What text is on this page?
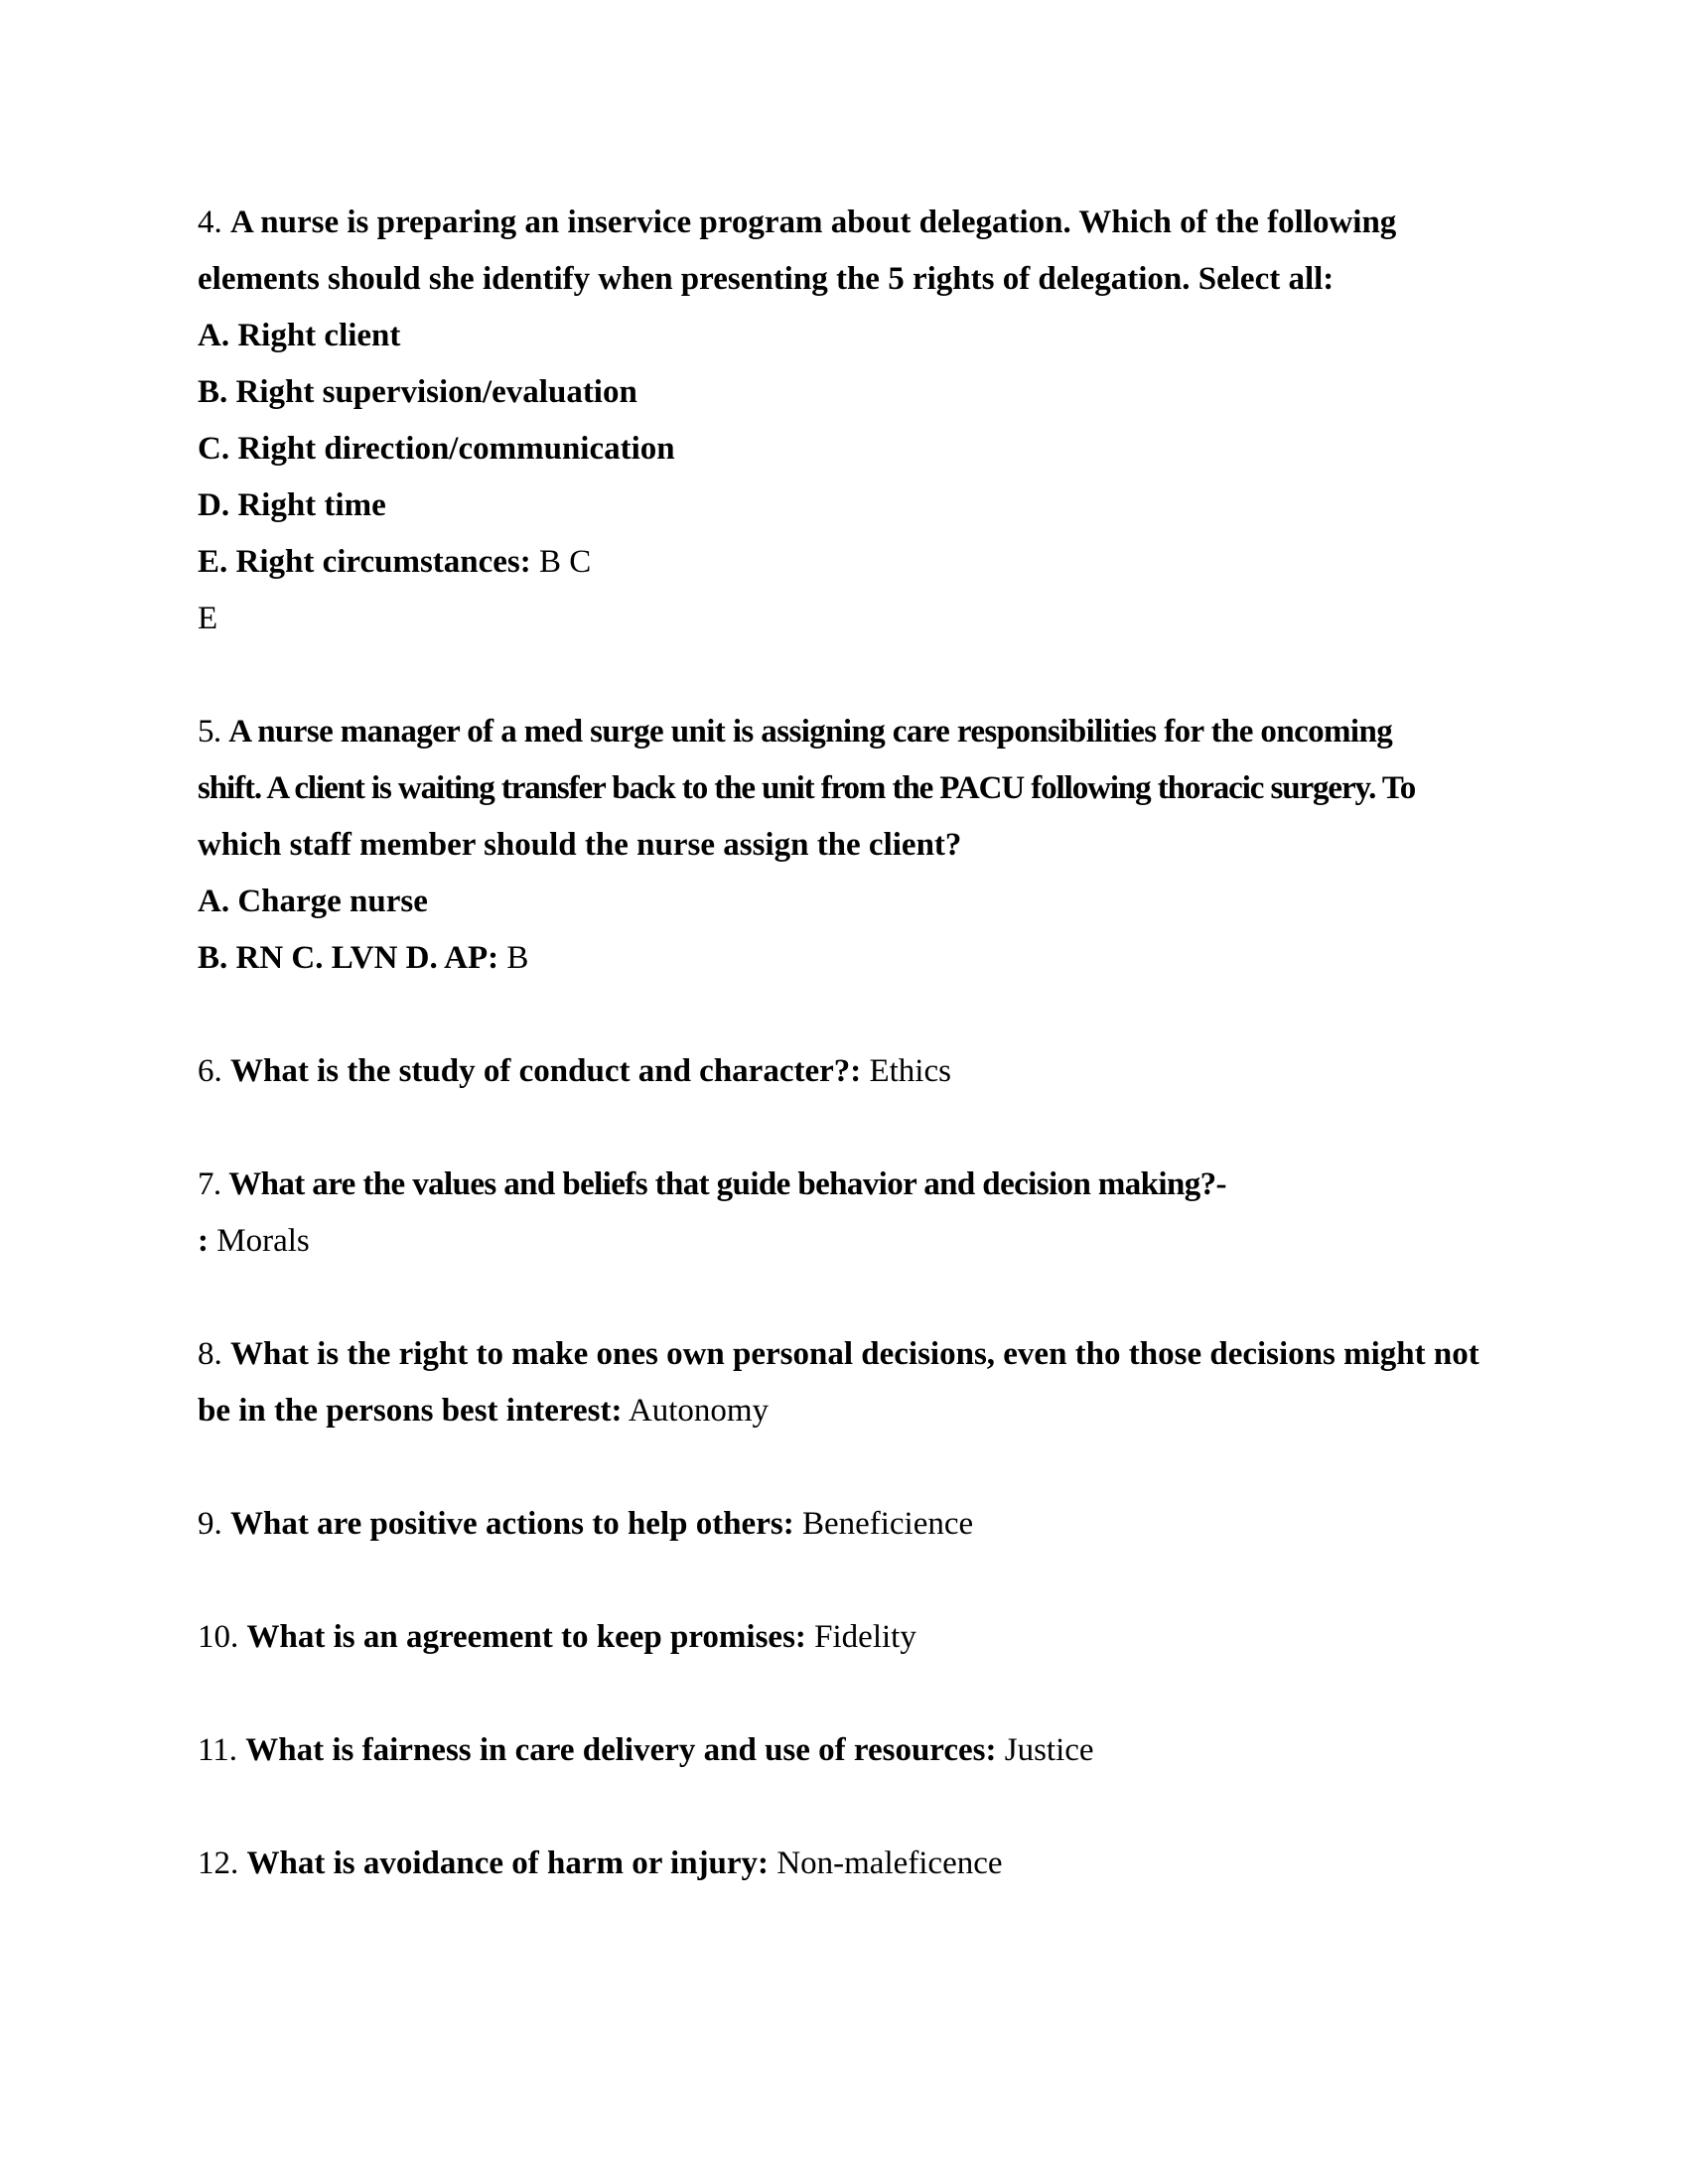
4. A nurse is preparing an inservice program about delegation. Which of the following
elements should she identify when presenting the 5 rights of delegation. Select all:
A. Right client
B. Right supervision/evaluation
C. Right direction/communication
D. Right time
E. Right circumstances: B C
E
5. A nurse manager of a med surge unit is assigning care responsibilities for the oncoming
shift. A client is waiting transfer back to the unit from the PACU following thoracic surgery. To
which staff member should the nurse assign the client?
A. Charge nurse
B. RN C. LVN D. AP: B
6. What is the study of conduct and character?: Ethics
7. What are the values and beliefs that guide behavior and decision making?-
: Morals
8. What is the right to make ones own personal decisions, even tho those decisions might not
be in the persons best interest: Autonomy
9. What are positive actions to help others: Beneficience
10. What is an agreement to keep promises: Fidelity
11. What is fairness in care delivery and use of resources: Justice
12. What is avoidance of harm or injury: Non-maleficence
